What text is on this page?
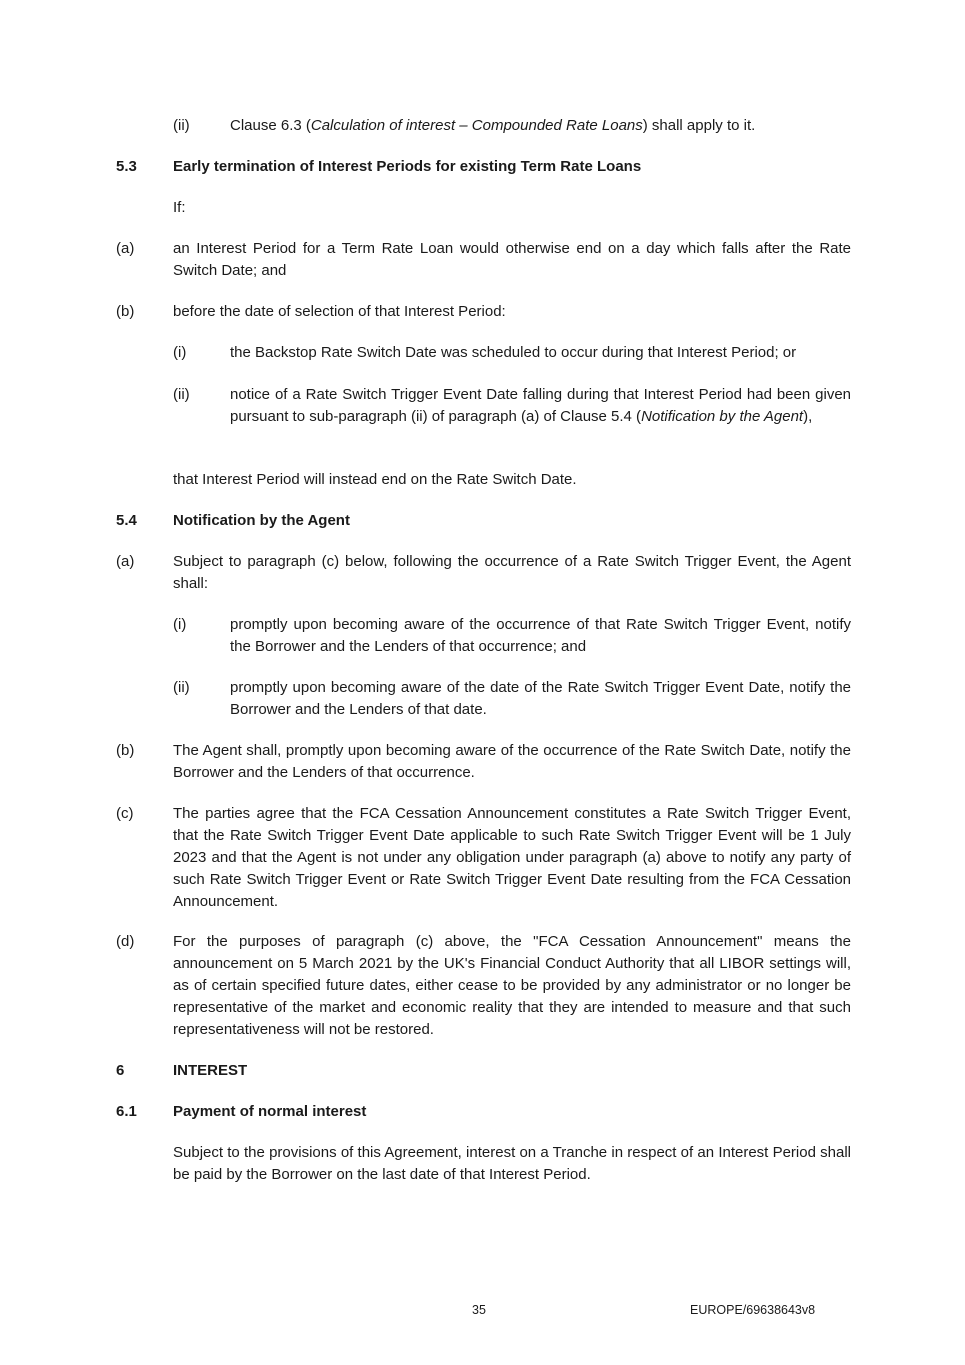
(ii)	Clause 6.3 (Calculation of interest – Compounded Rate Loans) shall apply to it.

5.3 Early termination of Interest Periods for existing Term Rate Loans

If:

(a)	an Interest Period for a Term Rate Loan would otherwise end on a day which falls after the Rate Switch Date; and

(b)	before the date of selection of that Interest Period:

(i)	the Backstop Rate Switch Date was scheduled to occur during that Interest Period; or

(ii)	notice of a Rate Switch Trigger Event Date falling during that Interest Period had been given pursuant to sub-paragraph (ii) of paragraph (a) of Clause 5.4 (Notification by the Agent),

that Interest Period will instead end on the Rate Switch Date.

5.4 Notification by the Agent

(a)	Subject to paragraph (c) below, following the occurrence of a Rate Switch Trigger Event, the Agent shall:

(i)	promptly upon becoming aware of the occurrence of that Rate Switch Trigger Event, notify the Borrower and the Lenders of that occurrence; and

(ii)	promptly upon becoming aware of the date of the Rate Switch Trigger Event Date, notify the Borrower and the Lenders of that date.

(b)	The Agent shall, promptly upon becoming aware of the occurrence of the Rate Switch Date, notify the Borrower and the Lenders of that occurrence.

(c)	The parties agree that the FCA Cessation Announcement constitutes a Rate Switch Trigger Event, that the Rate Switch Trigger Event Date applicable to such Rate Switch Trigger Event will be 1 July 2023 and that the Agent is not under any obligation under paragraph (a) above to notify any party of such Rate Switch Trigger Event or Rate Switch Trigger Event Date resulting from the FCA Cessation Announcement.

(d)	For the purposes of paragraph (c) above, the "FCA Cessation Announcement" means the announcement on 5 March 2021 by the UK's Financial Conduct Authority that all LIBOR settings will, as of certain specified future dates, either cease to be provided by any administrator or no longer be representative of the market and economic reality that they are intended to measure and that such representativeness will not be restored.

6	INTEREST

6.1 Payment of normal interest

Subject to the provisions of this Agreement, interest on a Tranche in respect of an Interest Period shall be paid by the Borrower on the last date of that Interest Period.

35	EUROPE/69638643v8
